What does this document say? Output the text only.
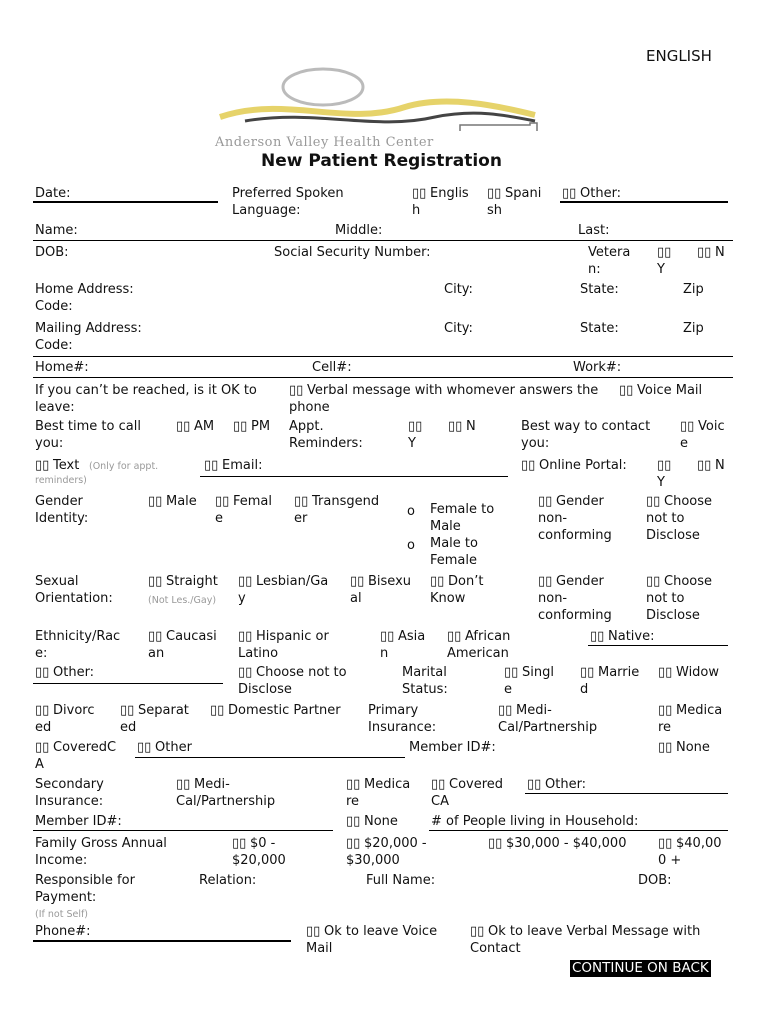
ENGLISH
Anderson Valley Health Center
New Patient Registration
Date:	Preferred Spoken Language:
▯▯ Englis h
▯▯ Spani sh
▯▯ Other:
Name:	Middle:	Last:
DOB:	Social Security Number:	Vetera n:
▯▯
Y
▯▯ N
Home Address:
Code:
City:	State:	Zip
Mailing Address:
Code:
City:	State:	Zip
Home#:	Cell#:	Work#:
If you can’t be reached, is it OK to leave:
▯▯ Verbal message with whomever answers the phone
▯▯ Voice Mail
Best time to call you:
▯▯ AM ▯▯ PM Appt. Reminders:
▯▯
Y
▯▯ N	Best way to contact you:
▯▯ Voic e
▯▯ Text	(Only for appt. reminders)
▯▯ Email:	▯▯ Online Portal: ▯▯
Y
▯▯ N
Gender Identity:
▯▯ Male ▯▯ Femal e
▯▯ Transgend er	o Female to Male
o Male to Female
▯▯ Gender non-conforming
▯▯ Choose not to Disclose
Sexual Orientation:
▯▯ Straight
(Not Les./Gay)
▯▯ Lesbian/Ga y
▯▯ Bisexu al
▯▯ Don’t Know
▯▯ Gender non-conforming
▯▯ Choose not to Disclose
Ethnicity/Rac e:
▯▯ Caucasi an
▯▯ Hispanic or Latino
▯▯ Asia n
▯▯ African American
▯▯ Native:
▯▯ Other:	▯▯ Choose not to Disclose
Marital Status:
▯▯ Singl e
▯▯ Marrie d
▯▯ Widow
▯▯ Divorc ed
▯▯ Separat ed
▯▯ Domestic Partner Primary Insurance:
▯▯ Medi-Cal/Partnership
▯▯ Medica re
▯▯ CoveredC A
▯▯ Other	Member ID#:	▯▯ None
Secondary Insurance:
▯▯ Medi-Cal/Partnership
▯▯ Medica re
▯▯ Covered CA
▯▯ Other:
Member ID#:	▯▯ None	# of People living in Household:
Family Gross Annual Income:
▯▯ $0 - $20,000
▯▯ $20,000 - $30,000
▯▯ $30,000 - $40,000 ▯▯ $40,00 0 +
Responsible for Payment:
(If not Self)
Relation:	Full Name:	DOB:
Phone#:	▯▯ Ok to leave Voice Mail
▯▯ Ok to leave Verbal Message with Contact
CONTINUE ON BACK
